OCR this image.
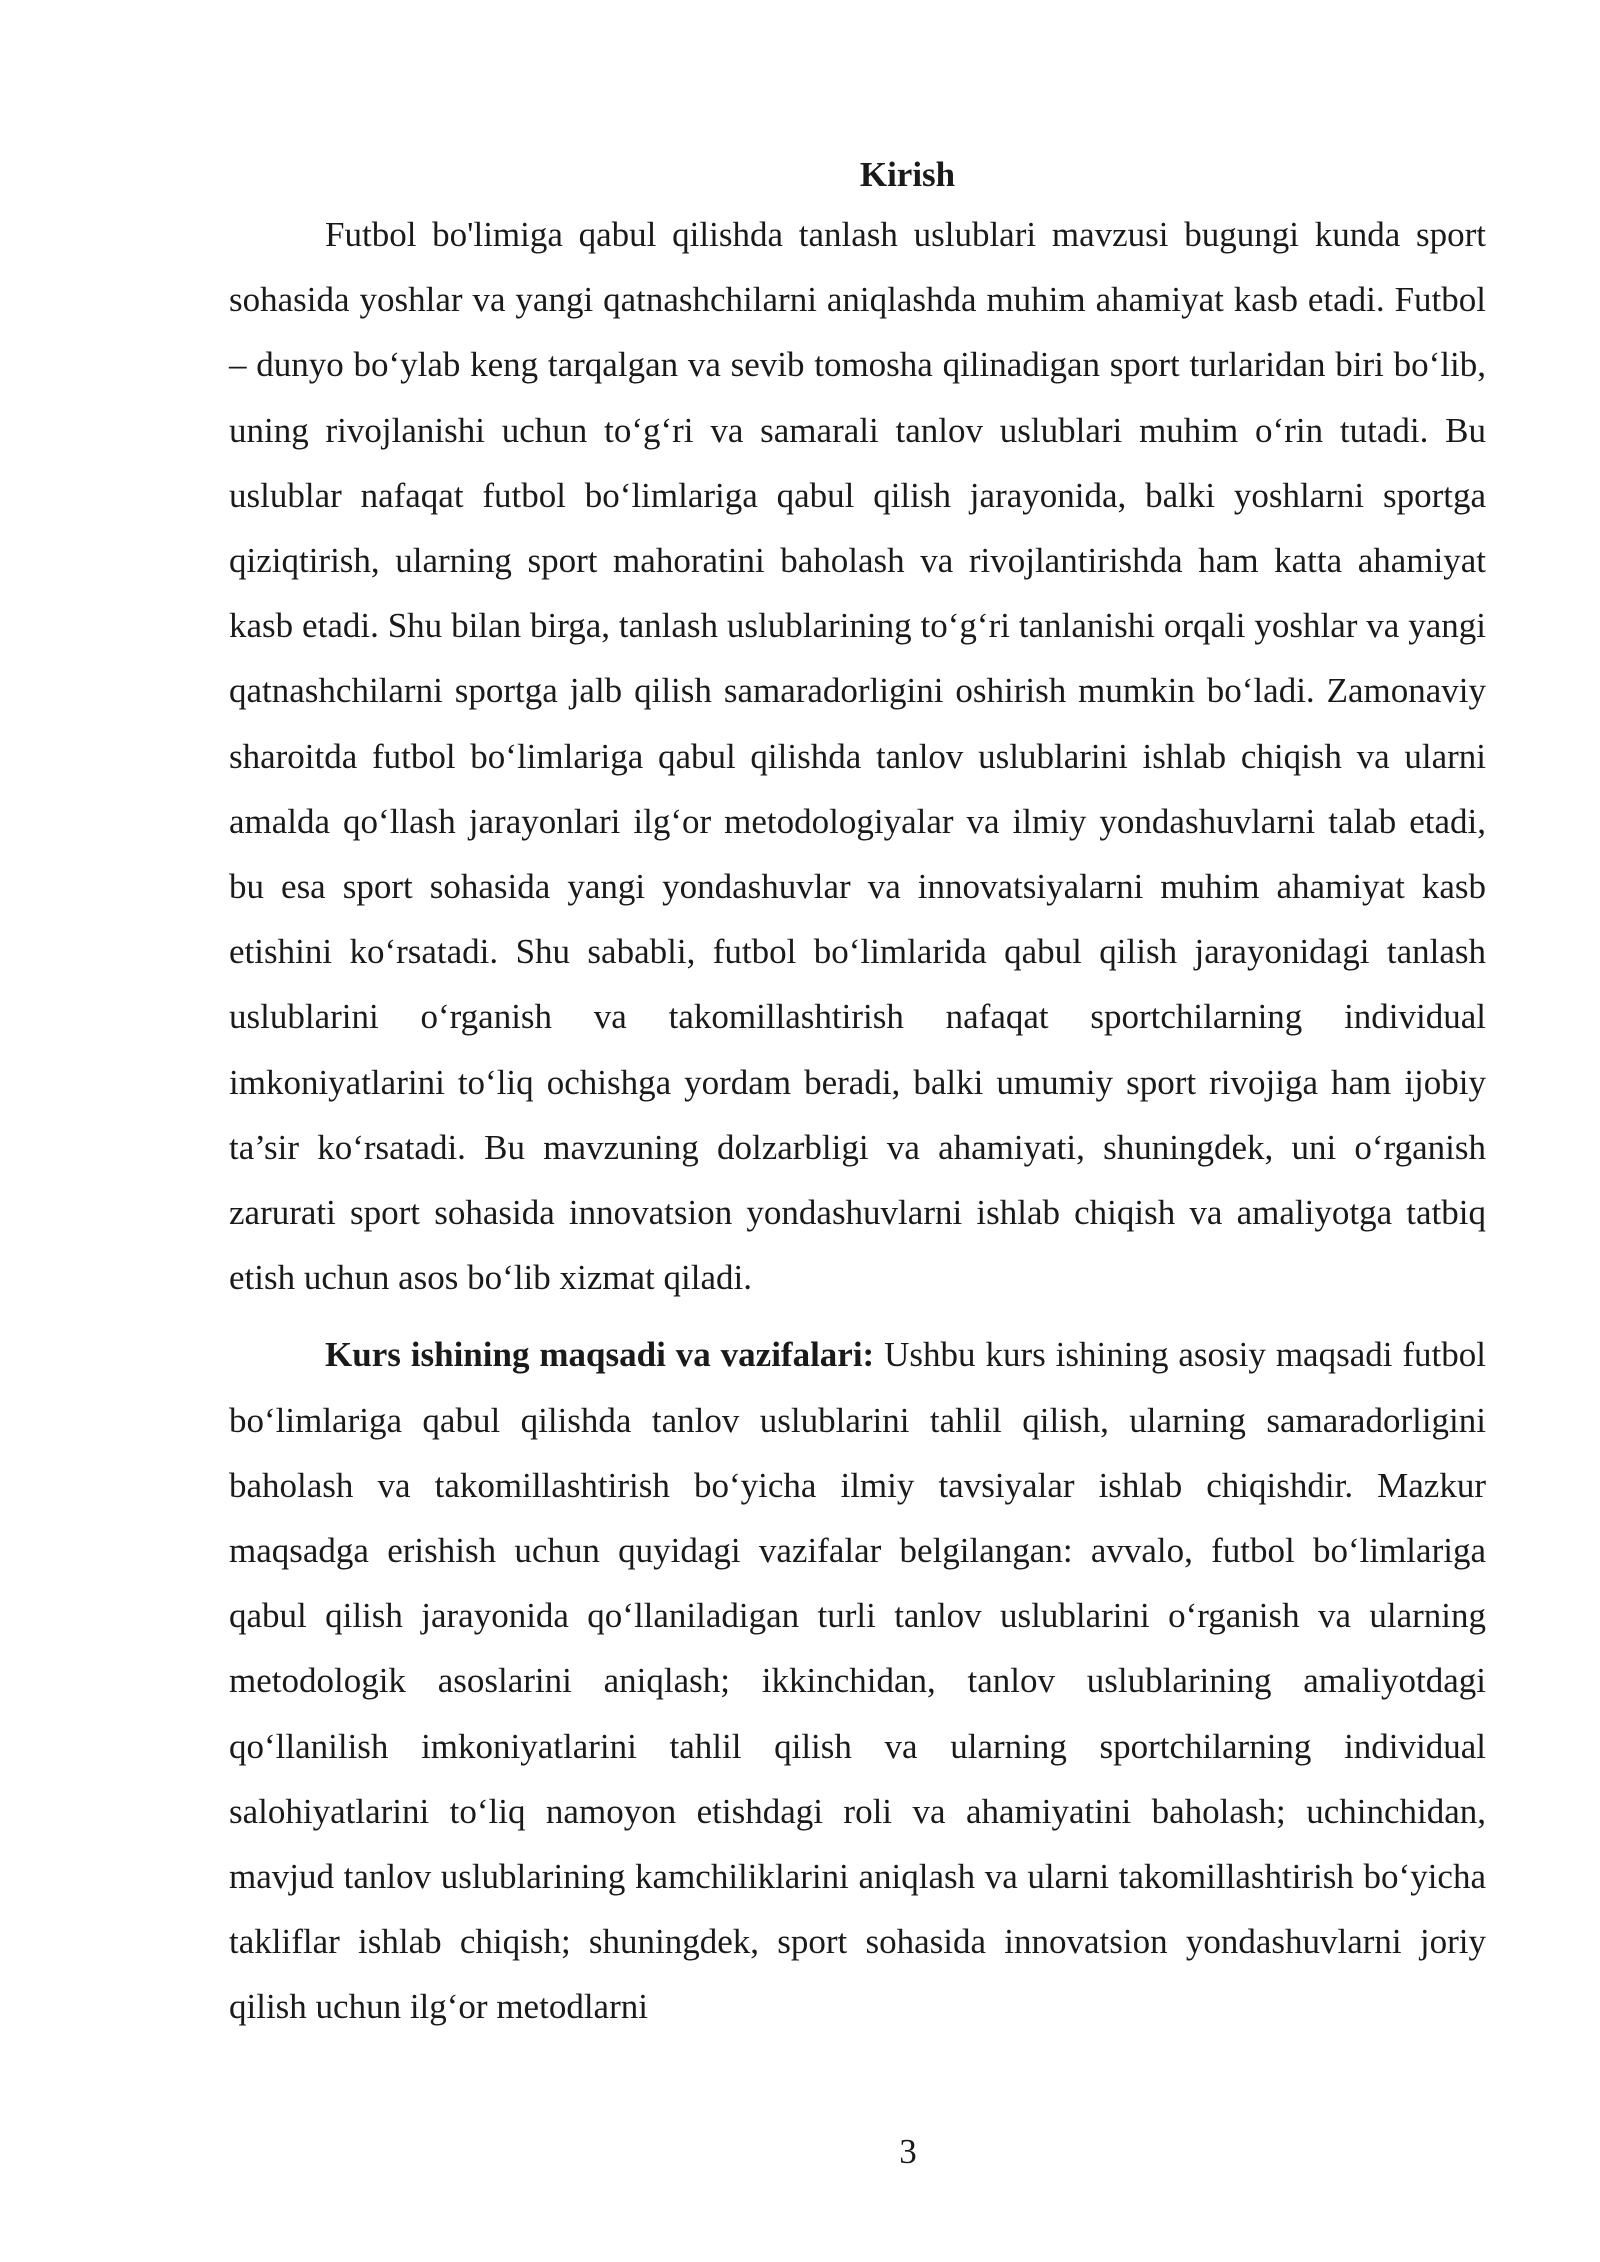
Kirish

Futbol bo'limiga qabul qilishda tanlash uslublari mavzusi bugungi kunda sport sohasida yoshlar va yangi qatnashchilarni aniqlashda muhim ahamiyat kasb etadi. Futbol – dunyo bo‘ylab keng tarqalgan va sevib tomosha qilinadigan sport turlaridan biri bo‘lib, uning rivojlanishi uchun to‘g‘ri va samarali tanlov uslublari muhim o‘rin tutadi. Bu uslublar nafaqat futbol bo‘limlariga qabul qilish jarayonida, balki yoshlarni sportga qiziqtirish, ularning sport mahoratini baholash va rivojlantirishda ham katta ahamiyat kasb etadi. Shu bilan birga, tanlash uslublarining to‘g‘ri tanlanishi orqali yoshlar va yangi qatnashchilarni sportga jalb qilish samaradorligini oshirish mumkin bo‘ladi. Zamonaviy sharoitda futbol bo‘limlariga qabul qilishda tanlov uslublarini ishlab chiqish va ularni amalda qo‘llash jarayonlari ilg‘or metodologiyalar va ilmiy yondashuvlarni talab etadi, bu esa sport sohasida yangi yondashuvlar va innovatsiyalarni muhim ahamiyat kasb etishini ko‘rsatadi. Shu sababli, futbol bo‘limlarida qabul qilish jarayonidagi tanlash uslublarini o‘rganish va takomillashtirish nafaqat sportchilarning individual imkoniyatlarini to‘liq ochishga yordam beradi, balki umumiy sport rivojiga ham ijobiy ta’sir ko‘rsatadi. Bu mavzuning dolzarbligi va ahamiyati, shuningdek, uni o‘rganish zarurati sport sohasida innovatsion yondashuvlarni ishlab chiqish va amaliyotga tatbiq etish uchun asos bo‘lib xizmat qiladi.

Kurs ishining maqsadi va vazifalari: Ushbu kurs ishining asosiy maqsadi futbol bo‘limlariga qabul qilishda tanlov uslublarini tahlil qilish, ularning samaradorligini baholash va takomillashtirish bo‘yicha ilmiy tavsiyalar ishlab chiqishdir. Mazkur maqsadga erishish uchun quyidagi vazifalar belgilangan: avvalo, futbol bo‘limlariga qabul qilish jarayonida qo‘llaniladigan turli tanlov uslublarini o‘rganish va ularning metodologik asoslarini aniqlash; ikkinchidan, tanlov uslublarining amaliyotdagi qo‘llanilish imkoniyatlarini tahlil qilish va ularning sportchilarning individual salohiyatlarini to‘liq namoyon etishdagi roli va ahamiyatini baholash; uchinchidan, mavjud tanlov uslublarining kamchiliklarini aniqlash va ularni takomillashtirish bo‘yicha takliflar ishlab chiqish; shuningdek, sport sohasida innovatsion yondashuvlarni joriy qilish uchun ilg‘or metodlarni

3
